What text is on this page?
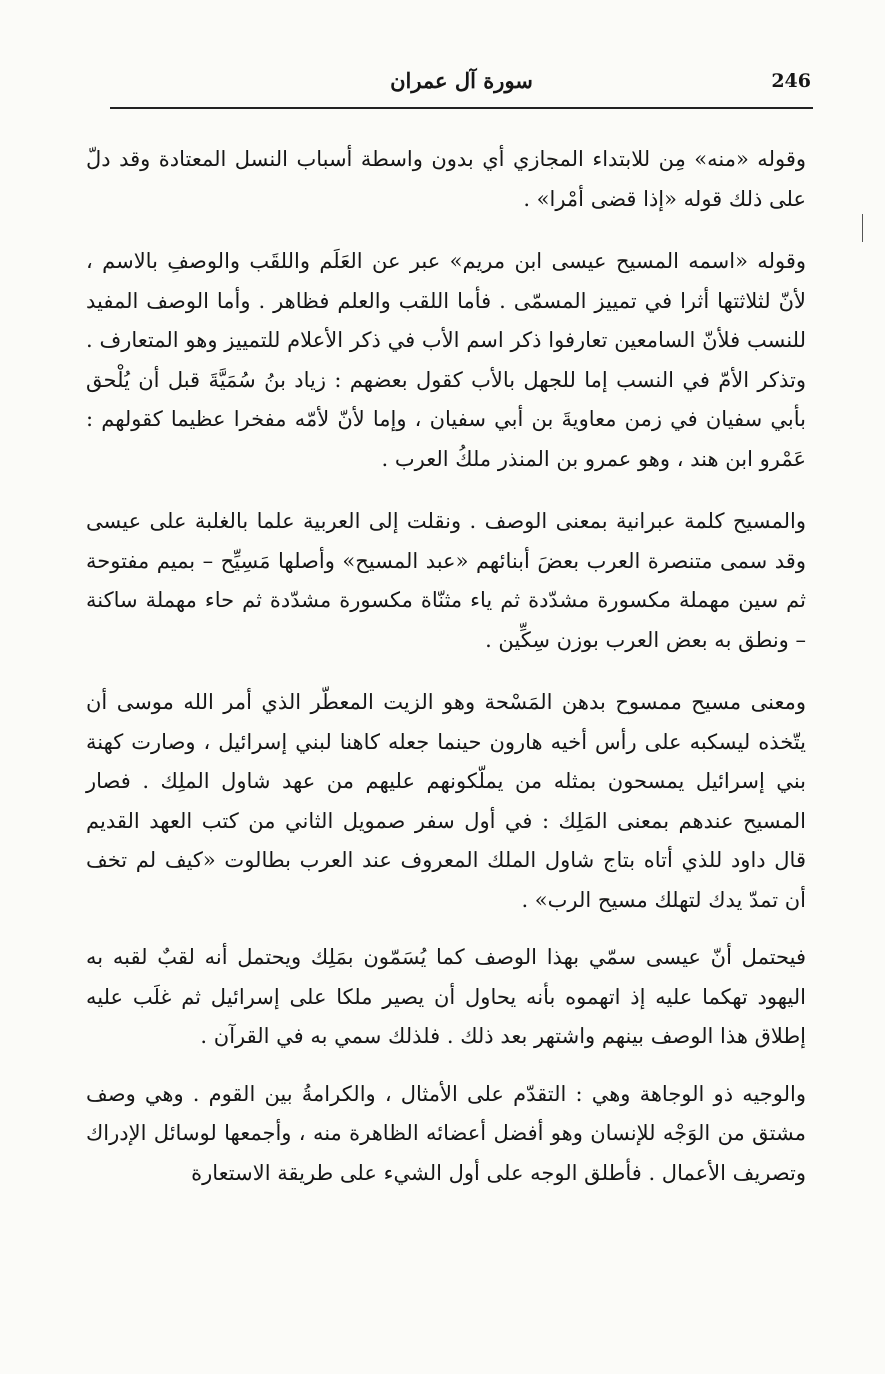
246
سورة آل عمران

وقوله «منه» مِن للابتداء المجازي أي بدون واسطة أسباب النسل المعتادة وقد دلّ على ذلك قوله «إذا قضى أمْرا» .

وقوله «اسمه المسيح عيسى ابن مريم» عبر عن العَلَم واللقَب والوصفِ بالاسم ، لأنّ لثلاثتها أثرا في تمييز المسمّى . فأما اللقب والعلم فظاهر . وأما الوصف المفيد للنسب فلأنّ السامعين تعارفوا ذكر اسم الأب في ذكر الأعلام للتمييز وهو المتعارف . وتذكر الأمّ في النسب إما للجهل بالأب كقول بعضهم : زياد بنُ سُمَيَّةَ قبل أن يُلْحق بأبي سفيان في زمن معاويةَ بن أبي سفيان ، وإما لأنّ لأمّه مفخرا عظيما كقولهم : عَمْرو ابن هند ، وهو عمرو بن المنذر ملكُ العرب .

والمسيح كلمة عبرانية بمعنى الوصف . ونقلت إلى العربية علما بالغلبة على عيسى وقد سمى متنصرة العرب بعضَ أبنائهم «عبد المسيح» وأصلها مَسِيِّح – بميم مفتوحة ثم سين مهملة مكسورة مشدّدة ثم ياء مثنّاة مكسورة مشدّدة ثم حاء مهملة ساكنة – ونطق به بعض العرب بوزن سِكِّين .

ومعنى مسيح ممسوح بدهن المَسْحة وهو الزيت المعطّر الذي أمر الله موسى أن يتّخذه ليسكبه على رأس أخيه هارون حينما جعله كاهنا لبني إسرائيل ، وصارت كهنة بني إسرائيل يمسحون بمثله من يملّكونهم عليهم من عهد شاول الملِك . فصار المسيح عندهم بمعنى المَلِك : في أول سفر صمويل الثاني من كتب العهد القديم قال داود للذي أتاه بتاج شاول الملك المعروف عند العرب بطالوت «كيف لم تخف أن تمدّ يدك لتهلك مسيح الرب» .

فيحتمل أنّ عيسى سمّي بهذا الوصف كما يُسَمّون بمَلِك ويحتمل أنه لقبٌ لقبه به اليهود تهكما عليه إذ اتهموه بأنه يحاول أن يصير ملكا على إسرائيل ثم غلَب عليه إطلاق هذا الوصف بينهم واشتهر بعد ذلك . فلذلك سمي به في القرآن .

والوجيه ذو الوجاهة وهي : التقدّم على الأمثال ، والكرامةُ بين القوم . وهي وصف مشتق من الوَجْه للإنسان وهو أفضل أعضائه الظاهرة منه ، وأجمعها لوسائل الإدراك وتصريف الأعمال . فأطلق الوجه على أول الشيء على طريقة الاستعارة
